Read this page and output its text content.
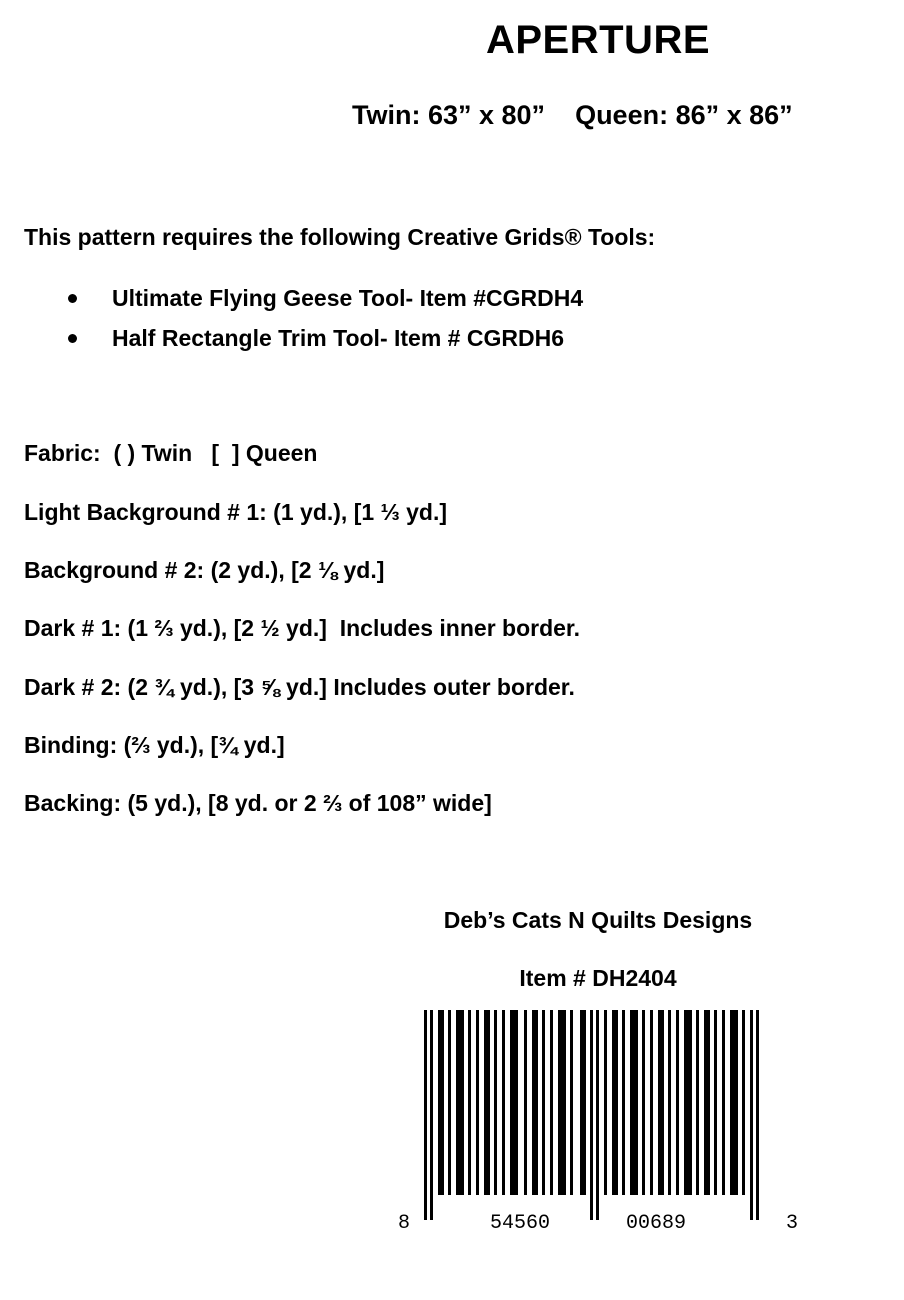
APERTURE
Twin: 63” x 80”    Queen: 86” x 86”
This pattern requires the following Creative Grids® Tools:
Ultimate Flying Geese Tool- Item #CGRDH4
Half Rectangle Trim Tool- Item # CGRDH6
Fabric:  ( ) Twin   [  ] Queen
Light Background # 1: (1 yd.), [1 ⅓ yd.]
Background # 2: (2 yd.), [2 ⅛ yd.]
Dark # 1: (1 ⅔ yd.), [2 ½ yd.]  Includes inner border.
Dark # 2: (2 ¾ yd.), [3 ⅝ yd.] Includes outer border.
Binding: (⅔ yd.), [¾ yd.]
Backing: (5 yd.), [8 yd. or 2 ⅔ of 108” wide]
Deb’s Cats N Quilts Designs
Item # DH2404
8	54560	00689	3
